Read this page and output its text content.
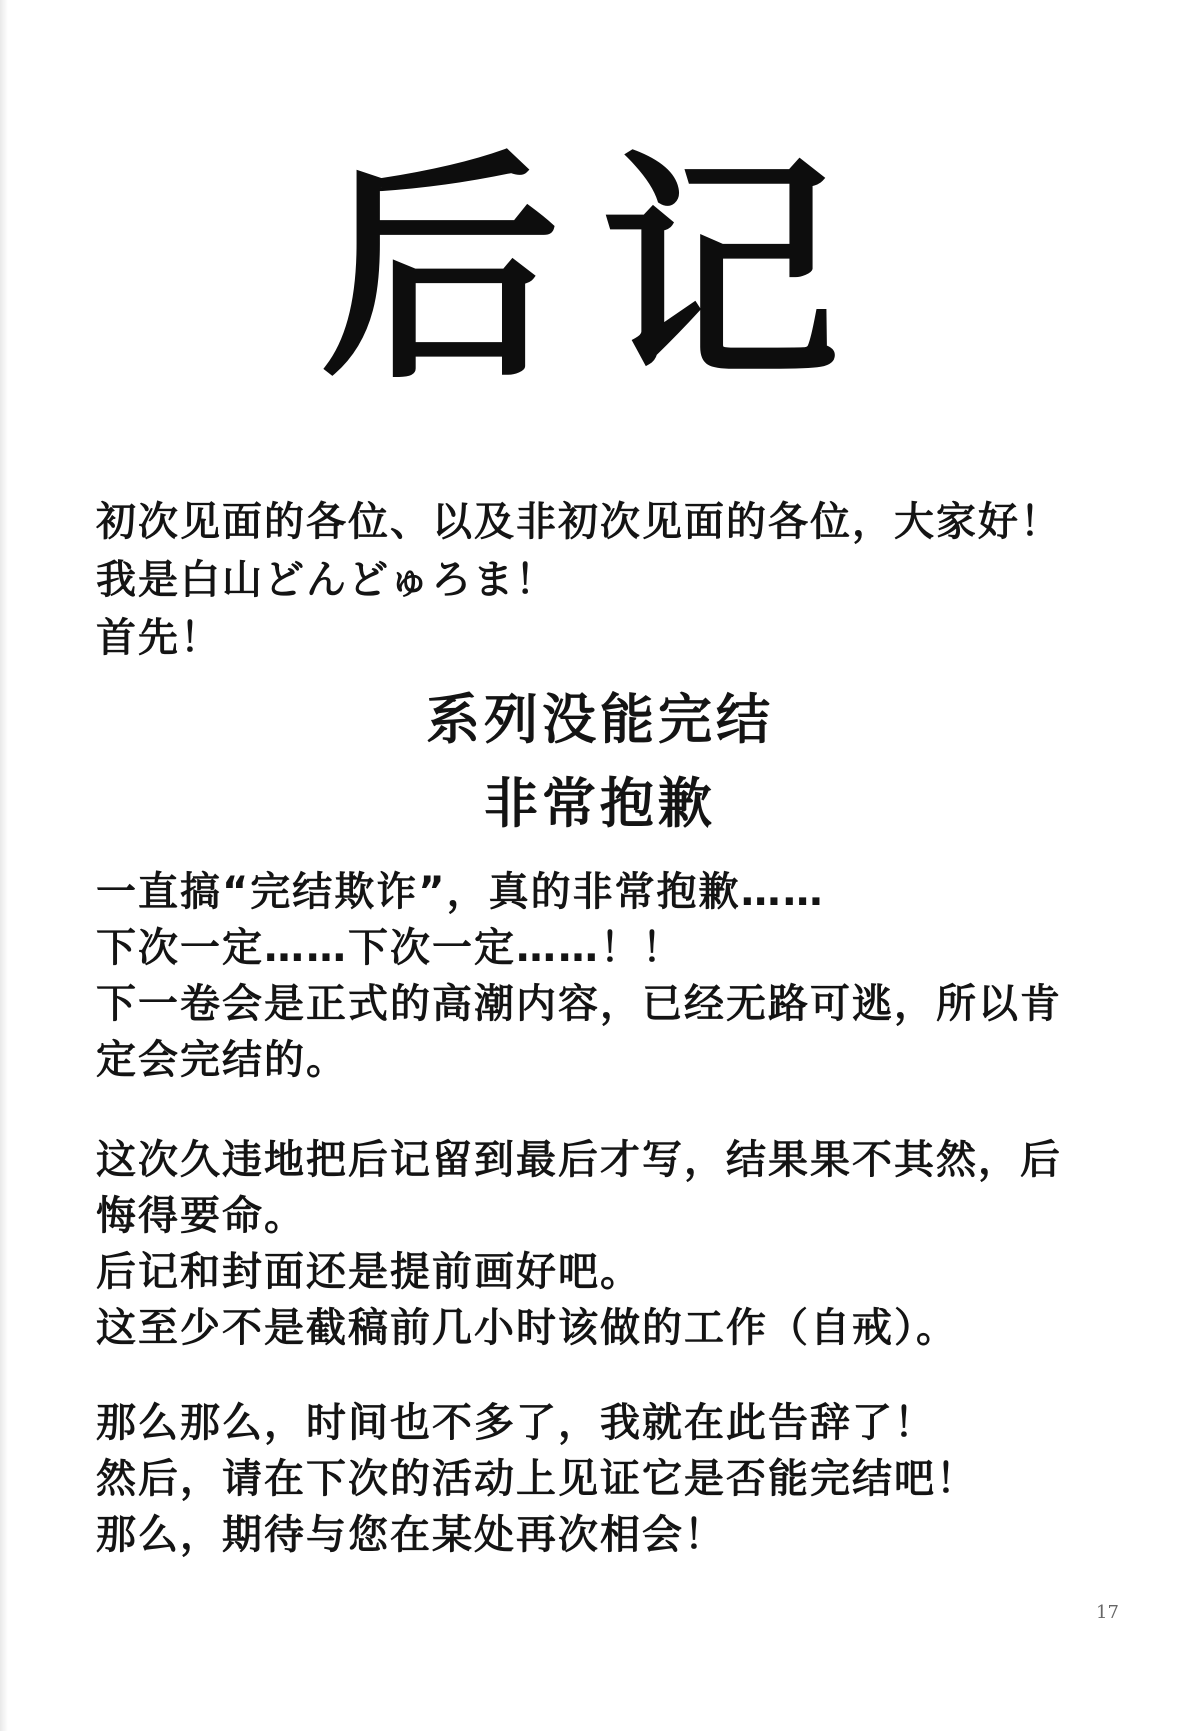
后记
初次见面的各位、以及非初次见面的各位，大家好！
我是白山どんどゅろま！
首先！
系列没能完结
非常抱歉
一直搞“完结欺诈”，真的非常抱歉……
下次一定……下次一定……！！
下一卷会是正式的高潮内容，已经无路可逃，所以肯
定会完结的。
这次久违地把后记留到最后才写，结果果不其然，后
悔得要命。
后记和封面还是提前画好吧。
这至少不是截稿前几小时该做的工作（自戒）。
那么那么，时间也不多了，我就在此告辞了！
然后，请在下次的活动上见证它是否能完结吧！
那么，期待与您在某处再次相会！
17
